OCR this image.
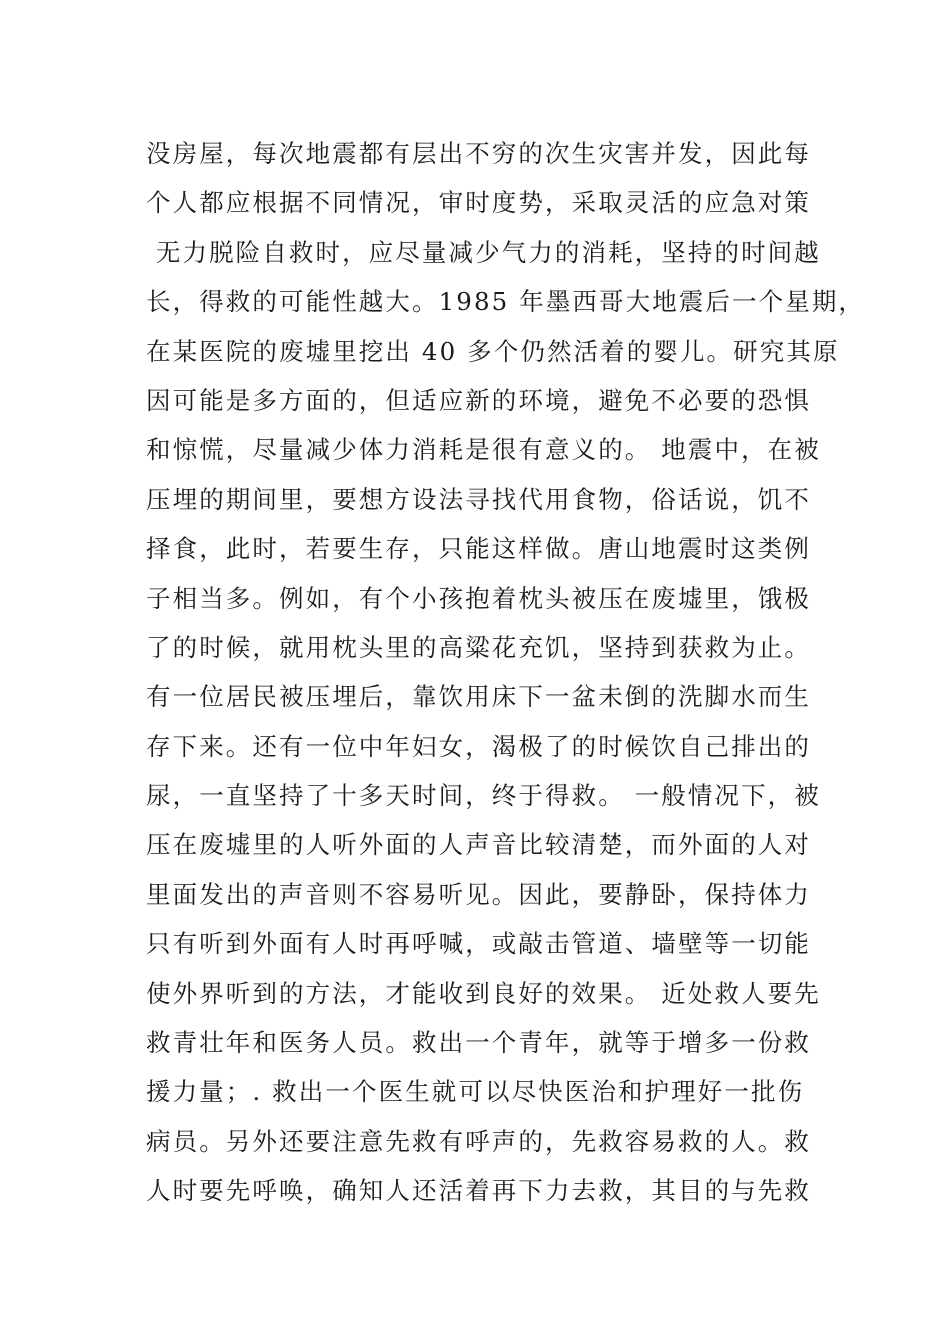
没房屋，每次地震都有层出不穷的次生灾害并发，因此每
个人都应根据不同情况，审时度势，采取灵活的应急对策
无力脱险自救时，应尽量减少气力的消耗，坚持的时间越
长，得救的可能性越大。1985 年墨西哥大地震后一个星期，
在某医院的废墟里挖出 40 多个仍然活着的婴儿。研究其原
因可能是多方面的，但适应新的环境，避免不必要的恐惧
和惊慌，尽量减少体力消耗是很有意义的。 地震中，在被
压埋的期间里，要想方设法寻找代用食物，俗话说，饥不
择食，此时，若要生存，只能这样做。唐山地震时这类例
子相当多。例如，有个小孩抱着枕头被压在废墟里，饿极
了的时候，就用枕头里的高粱花充饥，坚持到获救为止。
有一位居民被压埋后，靠饮用床下一盆未倒的洗脚水而生
存下来。还有一位中年妇女，渴极了的时候饮自己排出的
尿，一直坚持了十多天时间，终于得救。 一般情况下，被
压在废墟里的人听外面的人声音比较清楚，而外面的人对
里面发出的声音则不容易听见。因此，要静卧，保持体力
只有听到外面有人时再呼喊，或敲击管道、墙壁等一切能
使外界听到的方法，才能收到良好的效果。 近处救人要先
救青壮年和医务人员。救出一个青年，就等于增多一份救
援力量；. 救出一个医生就可以尽快医治和护理好一批伤
病员。另外还要注意先救有呼声的，先救容易救的人。救
人时要先呼唤，确知人还活着再下力去救，其目的与先救
